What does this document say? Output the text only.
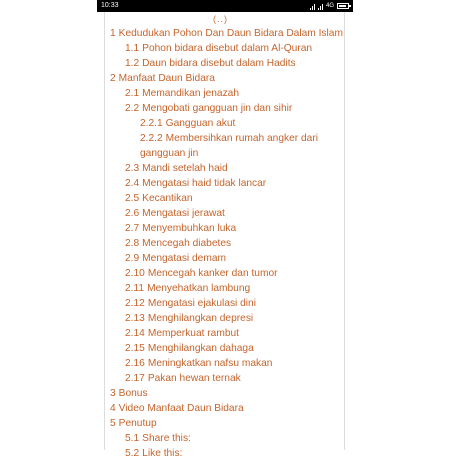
10:33	4G
(..)
1 Kedudukan Pohon Dan Daun Bidara Dalam Islam
1.1 Pohon bidara disebut dalam Al-Quran
1.2 Daun bidara disebut dalam Hadits
2 Manfaat Daun Bidara
2.1 Memandikan jenazah
2.2 Mengobati gangguan jin dan sihir
2.2.1 Gangguan akut
2.2.2 Membersihkan rumah angker dari gangguan jin
2.3 Mandi setelah haid
2.4 Mengatasi haid tidak lancar
2.5 Kecantikan
2.6 Mengatasi jerawat
2.7 Menyembuhkan luka
2.8 Mencegah diabetes
2.9 Mengatasi demam
2.10 Mencegah kanker dan tumor
2.11 Menyehatkan lambung
2.12 Mengatasi ejakulasi dini
2.13 Menghilangkan depresi
2.14 Memperkuat rambut
2.15 Menghilangkan dahaga
2.16 Meningkatkan nafsu makan
2.17 Pakan hewan ternak
3 Bonus
4 Video Manfaat Daun Bidara
5 Penutup
5.1 Share this:
5.2 Like this:
